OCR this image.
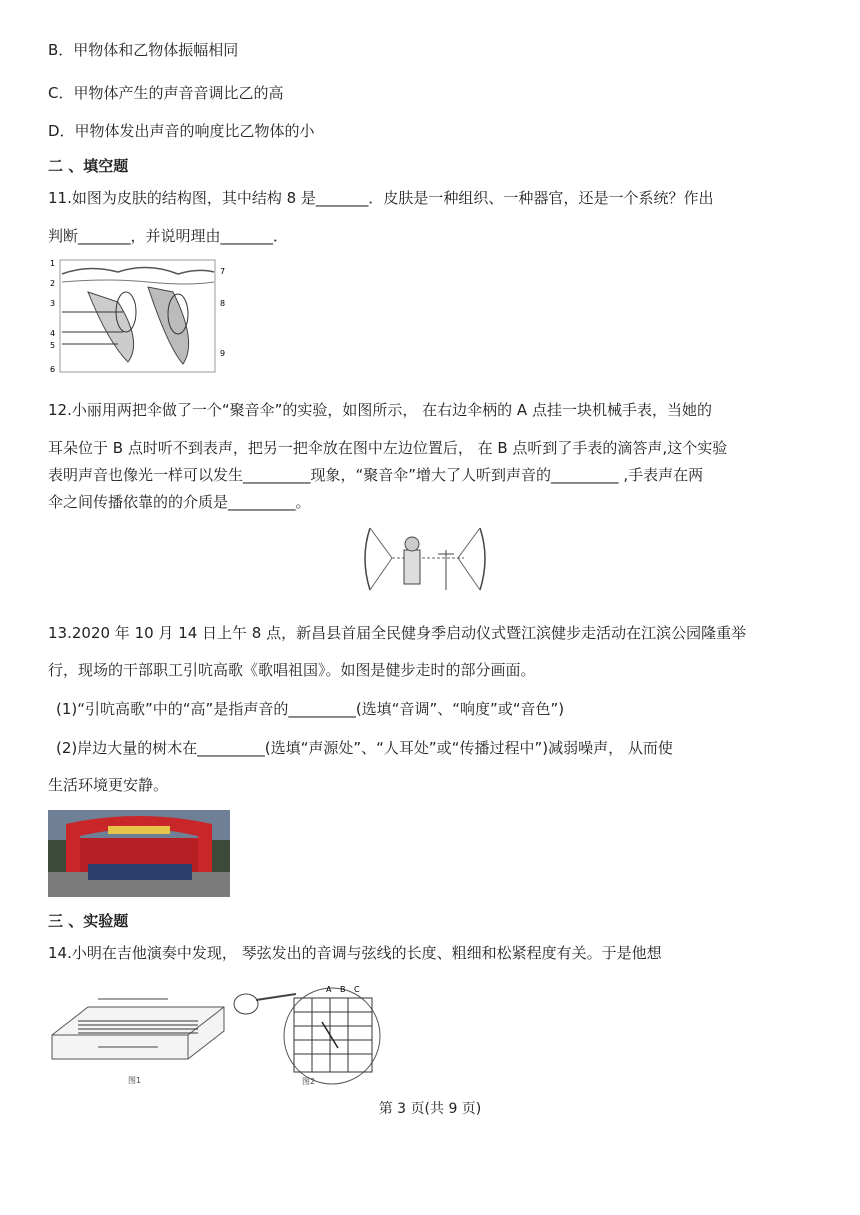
B．甲物体和乙物体振幅相同
C．甲物体产生的声音音调比乙的高
D．甲物体发出声音的响度比乙物体的小
二 、填空题
11.如图为皮肤的结构图，其中结构 8 是_______．皮肤是一种组织、一种器官，还是一个系统？作出
判断_______，并说明理由_______．
1
2
3
4
5
6
7
8
9
12.小丽用两把伞做了一个“聚音伞”的实验，如图所示， 在右边伞柄的 A 点挂一块机械手表，当她的
耳朵位于 B 点时听不到表声，把另一把伞放在图中左边位置后， 在 B 点听到了手表的滴答声,这个实验
表明声音也像光一样可以发生_________现象，“聚音伞”增大了人听到声音的_________ ,手表声在两
伞之间传播依靠的的介质是_________。
13.2020 年 10 月 14 日上午 8 点，新昌县首届全民健身季启动仪式暨江滨健步走活动在江滨公园隆重举
行，现场的干部职工引吭高歌《歌唱祖国》。如图是健步走时的部分画面。
(1)“引吭高歌”中的“高”是指声音的_________(选填“音调”、“响度”或“音色”)
(2)岸边大量的树木在_________(选填“声源处”、“人耳处”或“传播过程中”)减弱噪声， 从而使
生活环境更安静。
三 、实验题
14.小明在吉他演奏中发现， 琴弦发出的音调与弦线的长度、粗细和松紧程度有关。于是他想
图1
A B C
图2
第 3 页(共 9 页)
